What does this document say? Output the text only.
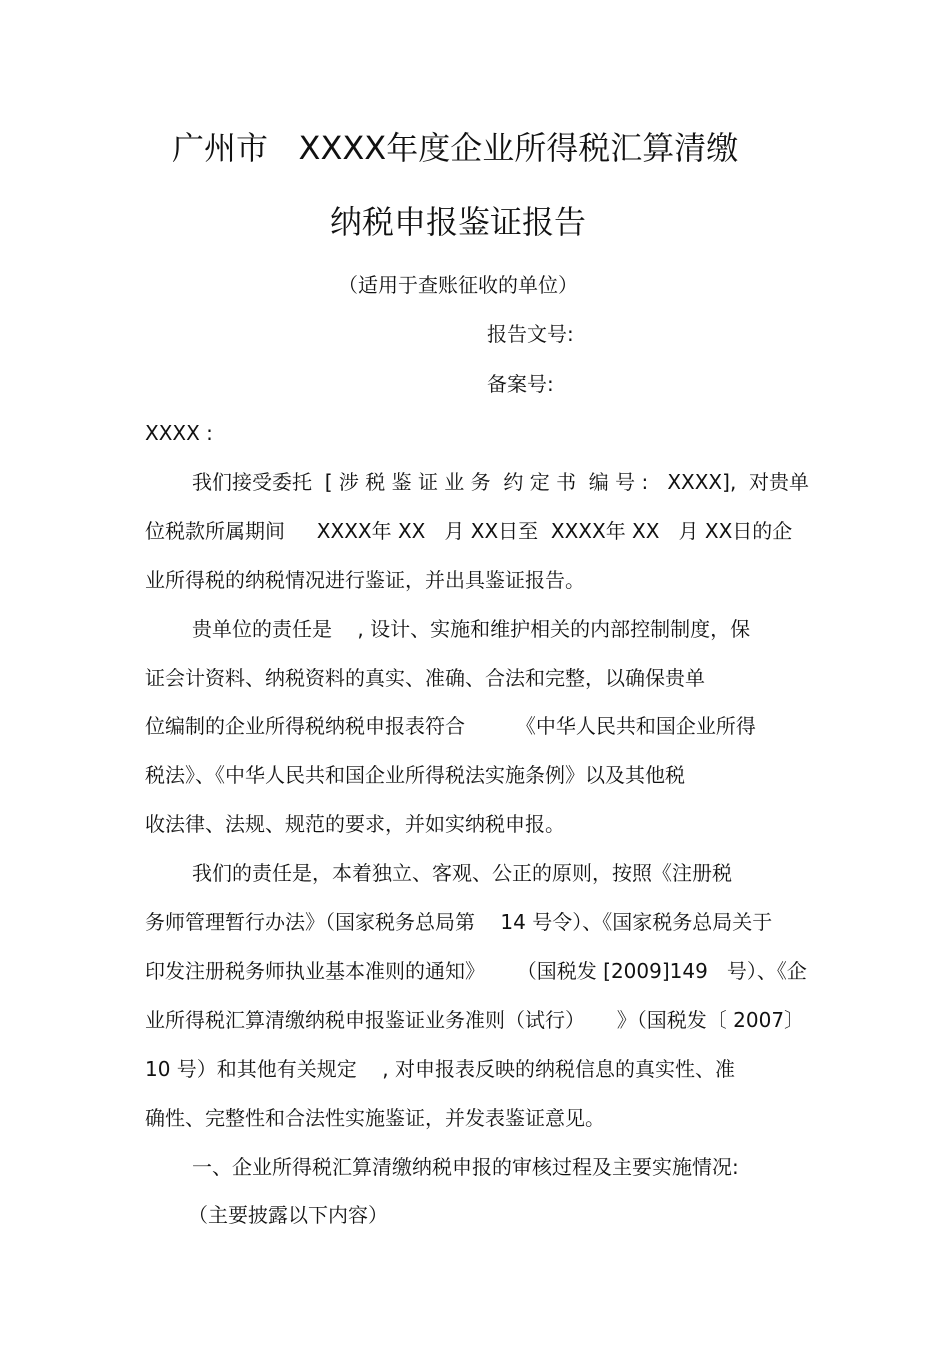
广州市   XXXX年度企业所得税汇算清缴
纳税申报鉴证报告
（适用于查账征收的单位）
报告文号:
备案号:
XXXX :
我们接受委托  [ 涉 税 鉴 证 业 务  约 定 书  编 号 :   XXXX],  对贵单
位税款所属期间     XXXX年 XX   月 XX日至  XXXX年 XX   月 XX日的企
业所得税的纳税情况进行鉴证，并出具鉴证报告。
贵单位的责任是    , 设计、实施和维护相关的内部控制制度，保
证会计资料、纳税资料的真实、准确、合法和完整，以确保贵单
位编制的企业所得税纳税申报表符合        《中华人民共和国企业所得
税法》、《中华人民共和国企业所得税法实施条例》以及其他税
收法律、法规、规范的要求，并如实纳税申报。
我们的责任是，本着独立、客观、公正的原则，按照《注册税
务师管理暂行办法》（国家税务总局第    14 号令）、《国家税务总局关于
印发注册税务师执业基本准则的通知》     （国税发 [2009]149   号）、《企
业所得税汇算清缴纳税申报鉴证业务准则（试行）     》（国税发〔 2007〕
10 号）和其他有关规定    , 对申报表反映的纳税信息的真实性、准
确性、完整性和合法性实施鉴证，并发表鉴证意见。
一、企业所得税汇算清缴纳税申报的审核过程及主要实施情况:
（主要披露以下内容）
